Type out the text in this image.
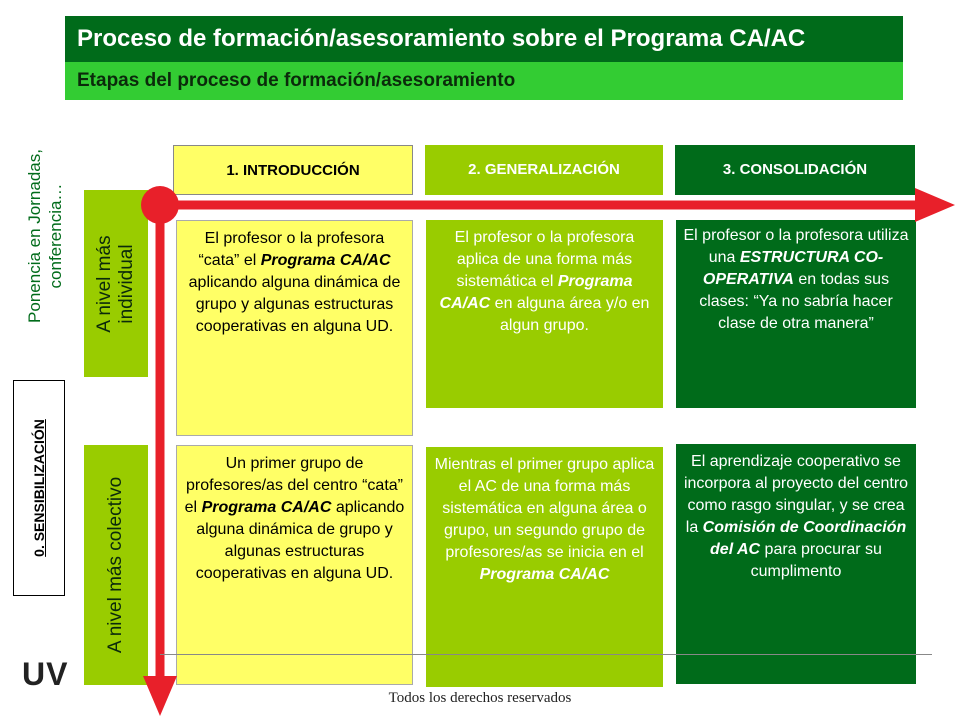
Proceso de formación/asesoramiento sobre el Programa CA/AC
Etapas del proceso de formación/asesoramiento
1. INTRODUCCIÓN	2. GENERALIZACIÓN	3. CONSOLIDACIÓN
Ponencia en Jornadas, conferencia…
0. SENSIBILIZACIÓN
A nivel más individual
A nivel más colectivo
El profesor o la profesora “cata” el Programa CA/AC aplicando alguna dinámica de grupo y algunas estructuras cooperativas en alguna UD.
El profesor o la profesora aplica de una forma más sistemática el Programa CA/AC en alguna área y/o en algun grupo.
El profesor o la profesora utiliza una ESTRUCTURA CO-OPERATIVA en todas sus clases: “Ya no sabría hacer clase de otra manera”
Un primer grupo de profesores/as del centro “cata” el Programa CA/AC aplicando alguna dinámica de grupo y algunas estructuras cooperativas en alguna UD.
Mientras el primer grupo aplica el AC de una forma más sistemática en alguna área o grupo, un segundo grupo de profesores/as se inicia en el Programa CA/AC
El aprendizaje cooperativo se incorpora al proyecto del centro como rasgo singular, y se crea la Comisión de Coordinación del AC para procurar su cumplimento
UV
Todos los derechos reservados
